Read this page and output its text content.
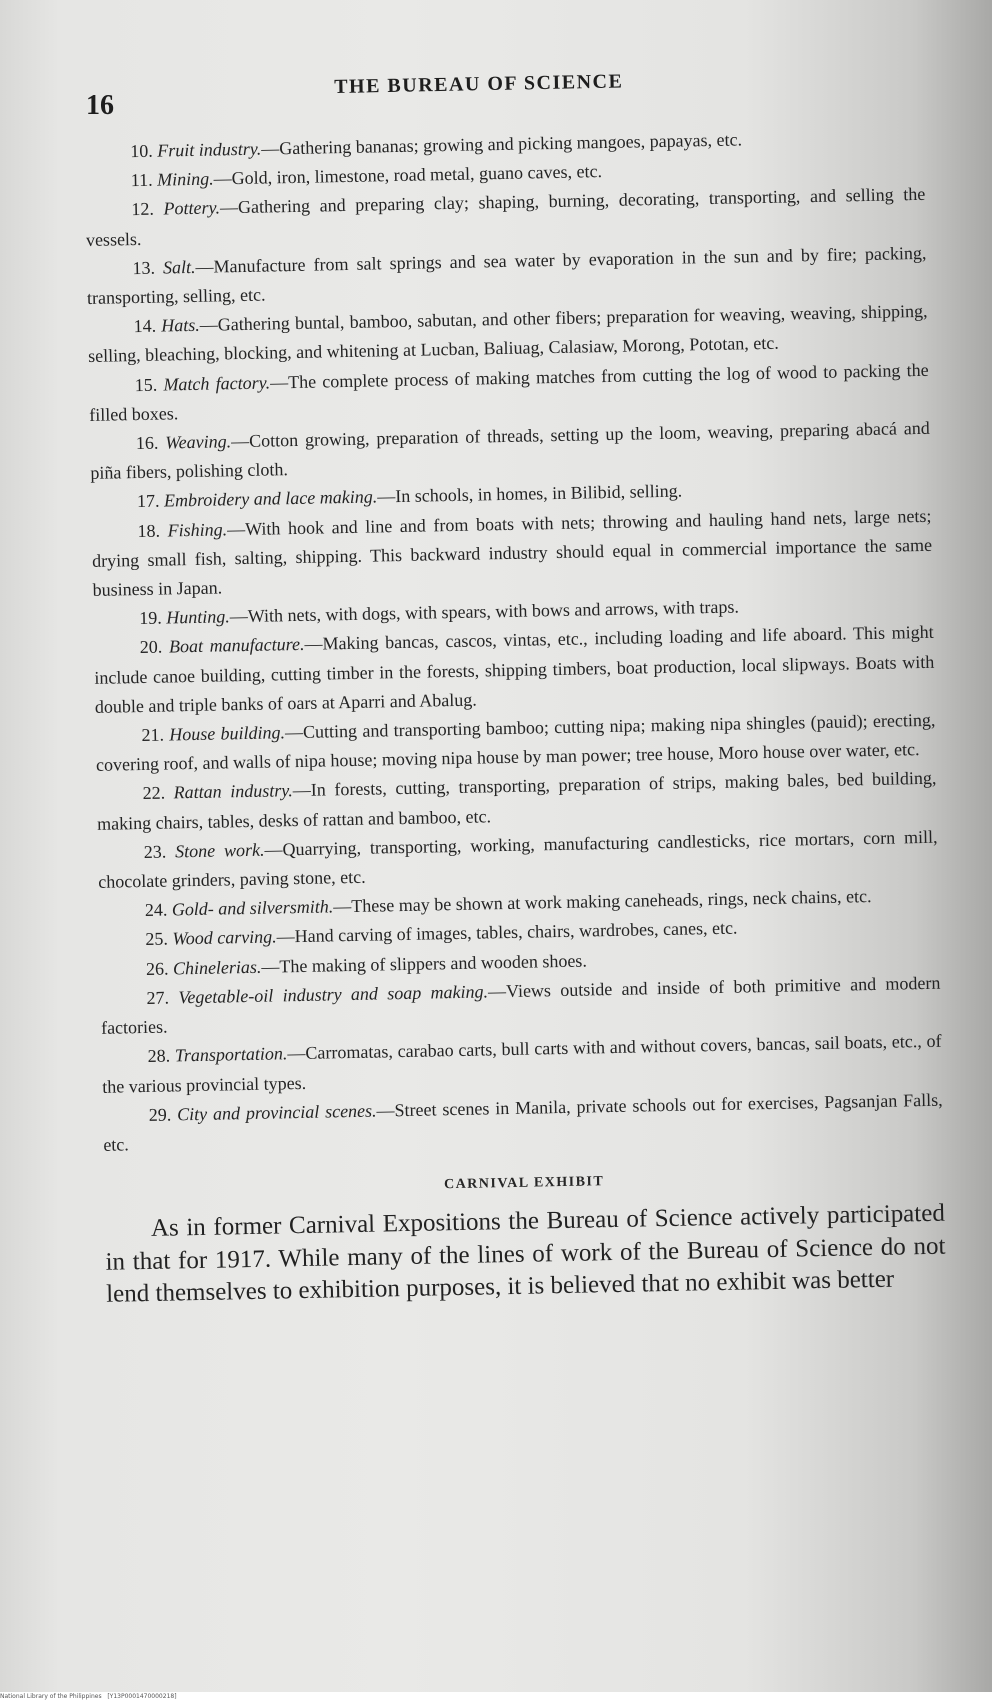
16
THE BUREAU OF SCIENCE

10. Fruit industry.—Gathering bananas; growing and picking mangoes, papayas, etc.

11. Mining.—Gold, iron, limestone, road metal, guano caves, etc.

12. Pottery.—Gathering and preparing clay; shaping, burning, decorating, transporting, and selling the vessels.

13. Salt.—Manufacture from salt springs and sea water by evaporation in the sun and by fire; packing, transporting, selling, etc.

14. Hats.—Gathering buntal, bamboo, sabutan, and other fibers; preparation for weaving, weaving, shipping, selling, bleaching, blocking, and whitening at Lucban, Baliuag, Calasiaw, Morong, Pototan, etc.

15. Match factory.—The complete process of making matches from cutting the log of wood to packing the filled boxes.

16. Weaving.—Cotton growing, preparation of threads, setting up the loom, weaving, preparing abacá and piña fibers, polishing cloth.

17. Embroidery and lace making.—In schools, in homes, in Bilibid, selling.

18. Fishing.—With hook and line and from boats with nets; throwing and hauling hand nets, large nets; drying small fish, salting, shipping. This backward industry should equal in commercial importance the same business in Japan.

19. Hunting.—With nets, with dogs, with spears, with bows and arrows, with traps.

20. Boat manufacture.—Making bancas, cascos, vintas, etc., including loading and life aboard. This might include canoe building, cutting timber in the forests, shipping timbers, boat production, local slipways. Boats with double and triple banks of oars at Aparri and Abalug.

21. House building.—Cutting and transporting bamboo; cutting nipa; making nipa shingles (pauid); erecting, covering roof, and walls of nipa house; moving nipa house by man power; tree house, Moro house over water, etc.

22. Rattan industry.—In forests, cutting, transporting, preparation of strips, making bales, bed building, making chairs, tables, desks of rattan and bamboo, etc.

23. Stone work.—Quarrying, transporting, working, manufacturing candlesticks, rice mortars, corn mill, chocolate grinders, paving stone, etc.

24. Gold- and silversmith.—These may be shown at work making caneheads, rings, neck chains, etc.

25. Wood carving.—Hand carving of images, tables, chairs, wardrobes, canes, etc.

26. Chinelerias.—The making of slippers and wooden shoes.

27. Vegetable-oil industry and soap making.—Views outside and inside of both primitive and modern factories.

28. Transportation.—Carromatas, carabao carts, bull carts with and without covers, bancas, sail boats, etc., of the various provincial types.

29. City and provincial scenes.—Street scenes in Manila, private schools out for exercises, Pagsanjan Falls, etc.

CARNIVAL EXHIBIT

As in former Carnival Expositions the Bureau of Science actively participated in that for 1917. While many of the lines of work of the Bureau of Science do not lend themselves to exhibition purposes, it is believed that no exhibit was better

National Library of the Philippines [Y13P0001470000218]
